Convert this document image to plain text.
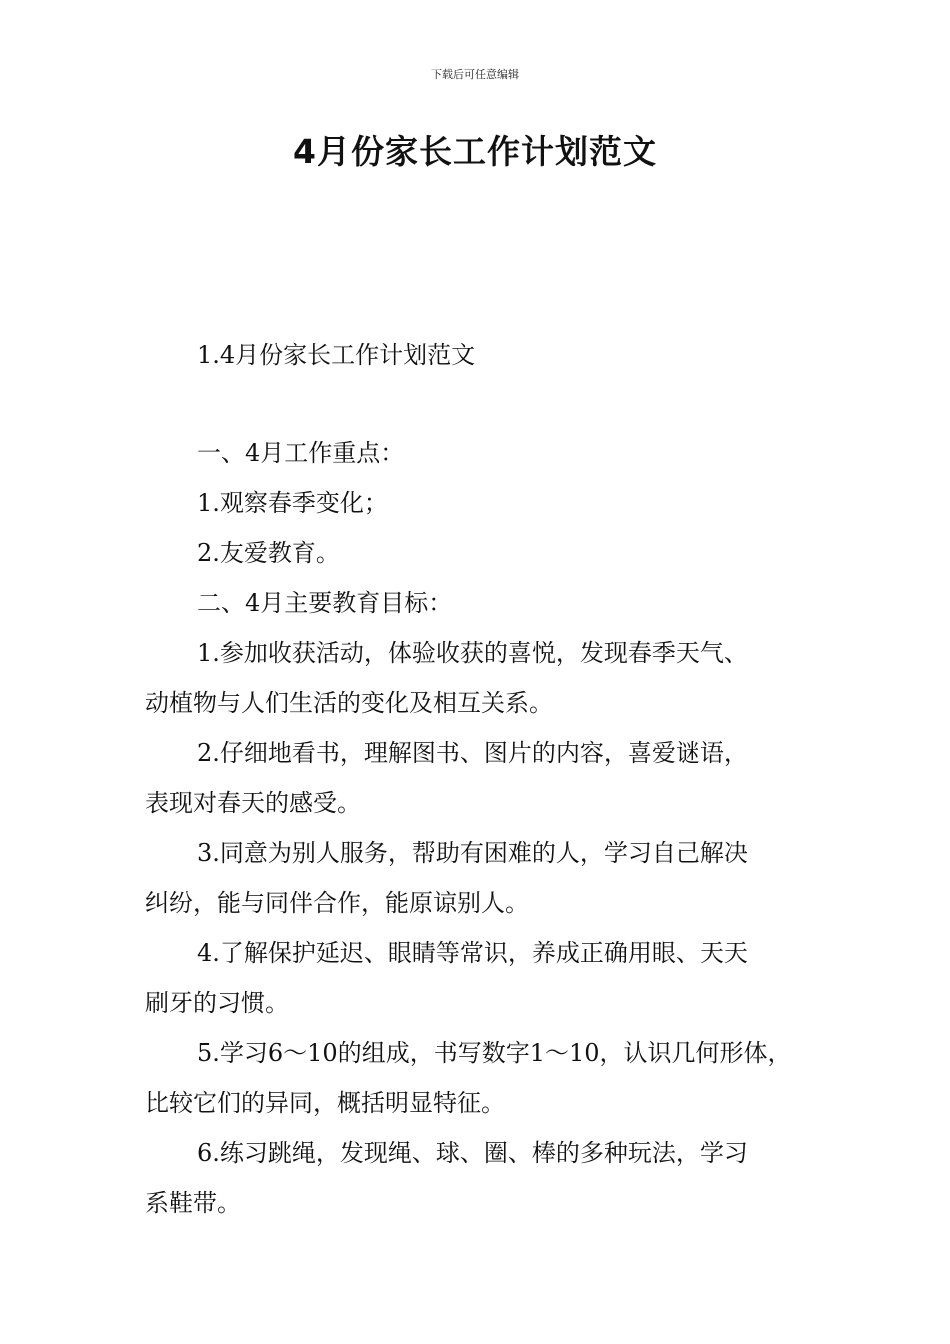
下载后可任意编辑
4月份家长工作计划范文

1.4月份家长工作计划范文

一、4月工作重点：

1.观察春季变化；

2.友爱教育。

二、4月主要教育目标：

1.参加收获活动，体验收获的喜悦，发现春季天气、

动植物与人们生活的变化及相互关系。

2.仔细地看书，理解图书、图片的内容，喜爱谜语，

表现对春天的感受。

3.同意为别人服务，帮助有困难的人，学习自己解决

纠纷，能与同伴合作，能原谅别人。

4.了解保护延迟、眼睛等常识，养成正确用眼、天天

刷牙的习惯。

5.学习6～10的组成，书写数字1～10，认识几何形体，

比较它们的异同，概括明显特征。

6.练习跳绳，发现绳、球、圈、棒的多种玩法，学习

系鞋带。
